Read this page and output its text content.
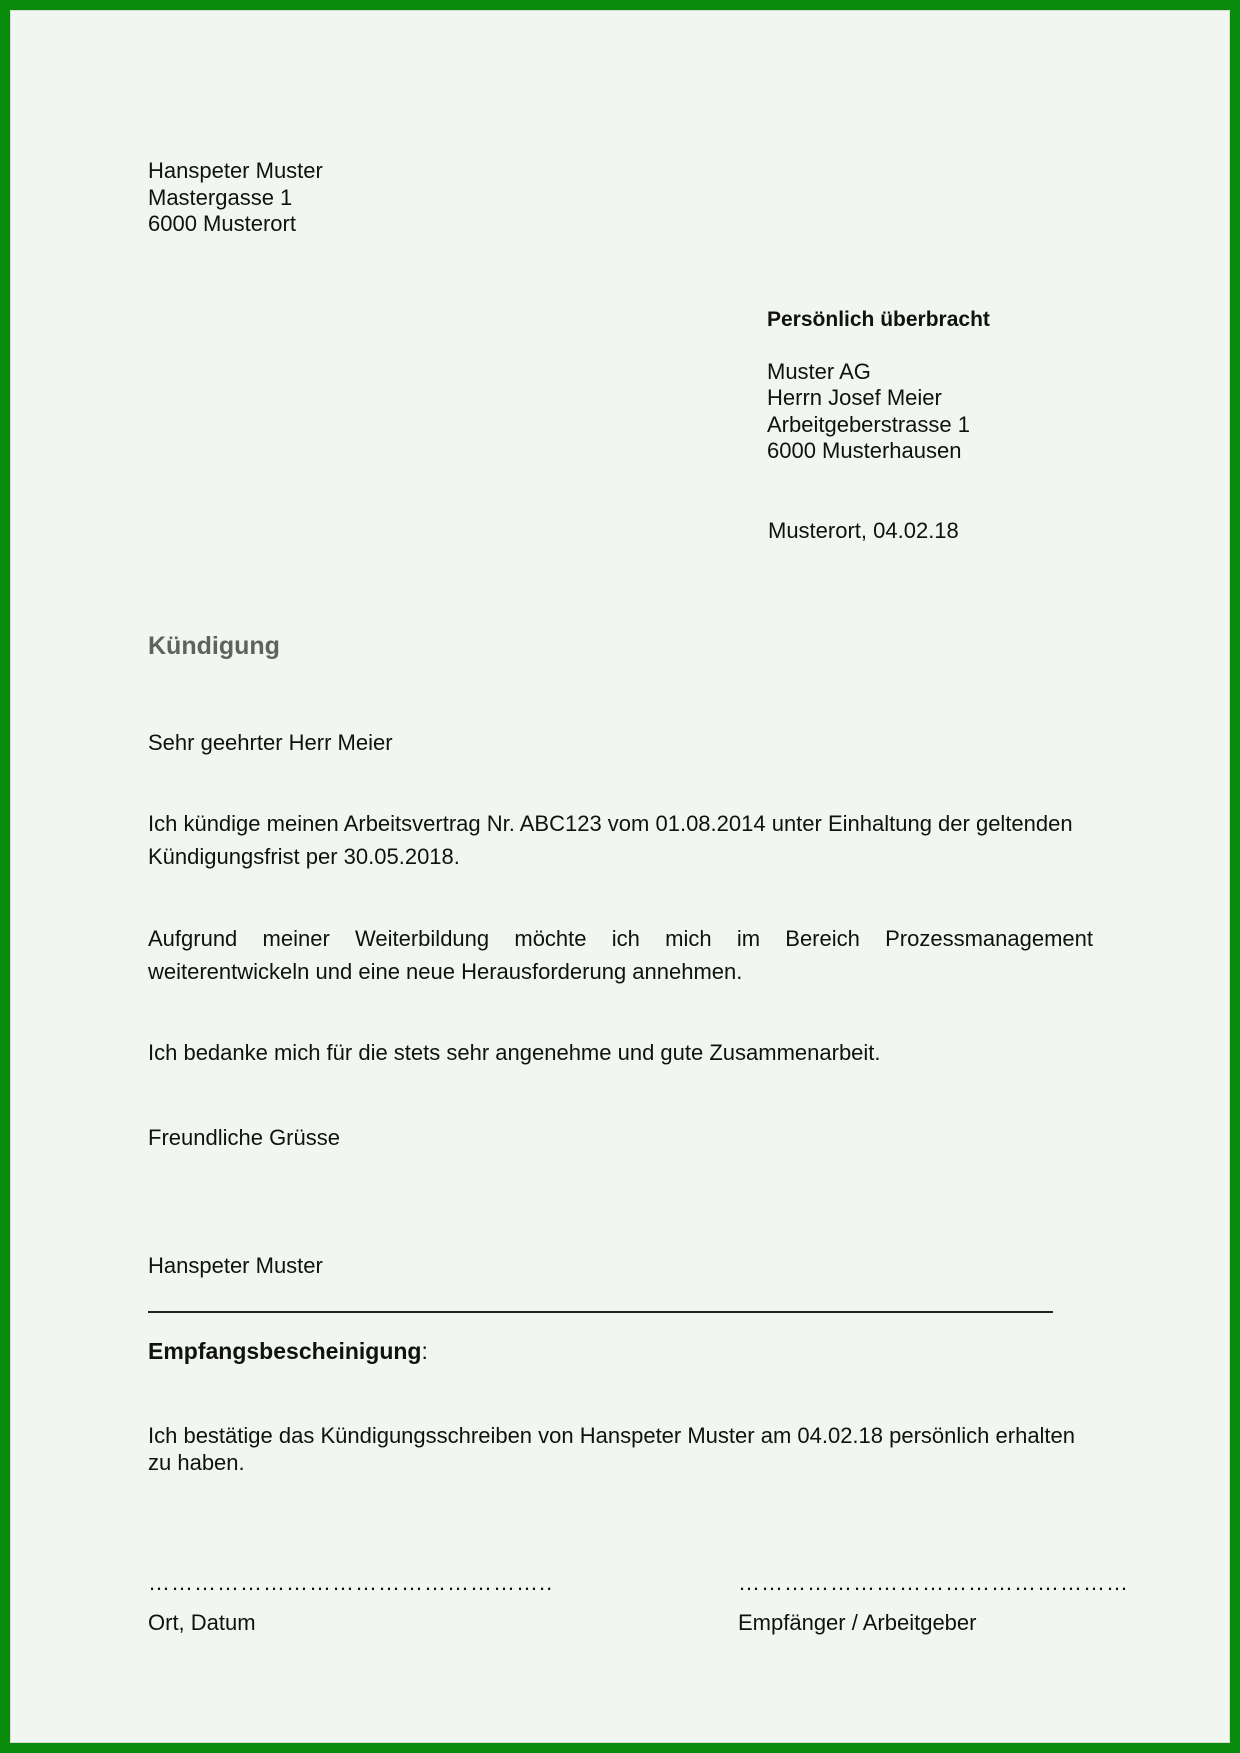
Hanspeter Muster

Mastergasse 1

6000 Musterort

Persönlich überbracht

Muster AG

Herrn Josef Meier

Arbeitgeberstrasse 1

6000 Musterhausen

Musterort, 04.02.18

Kündigung

Sehr geehrter Herr Meier

Ich kündige meinen Arbeitsvertrag Nr. ABC123 vom 01.08.2014 unter Einhaltung der geltenden Kündigungsfrist per 30.05.2018.

Aufgrund meiner Weiterbildung möchte ich mich im Bereich Prozessmanagement weiterentwickeln und eine neue Herausforderung annehmen.

Ich bedanke mich für die stets sehr angenehme und gute Zusammenarbeit.

Freundliche Grüsse

Hanspeter Muster

Empfangsbescheinigung:

Ich bestätige das Kündigungsschreiben von Hanspeter Muster am 04.02.18 persönlich erhalten zu haben.

……………………………………………..	……………………………………………

Ort, Datum	Empfänger / Arbeitgeber
